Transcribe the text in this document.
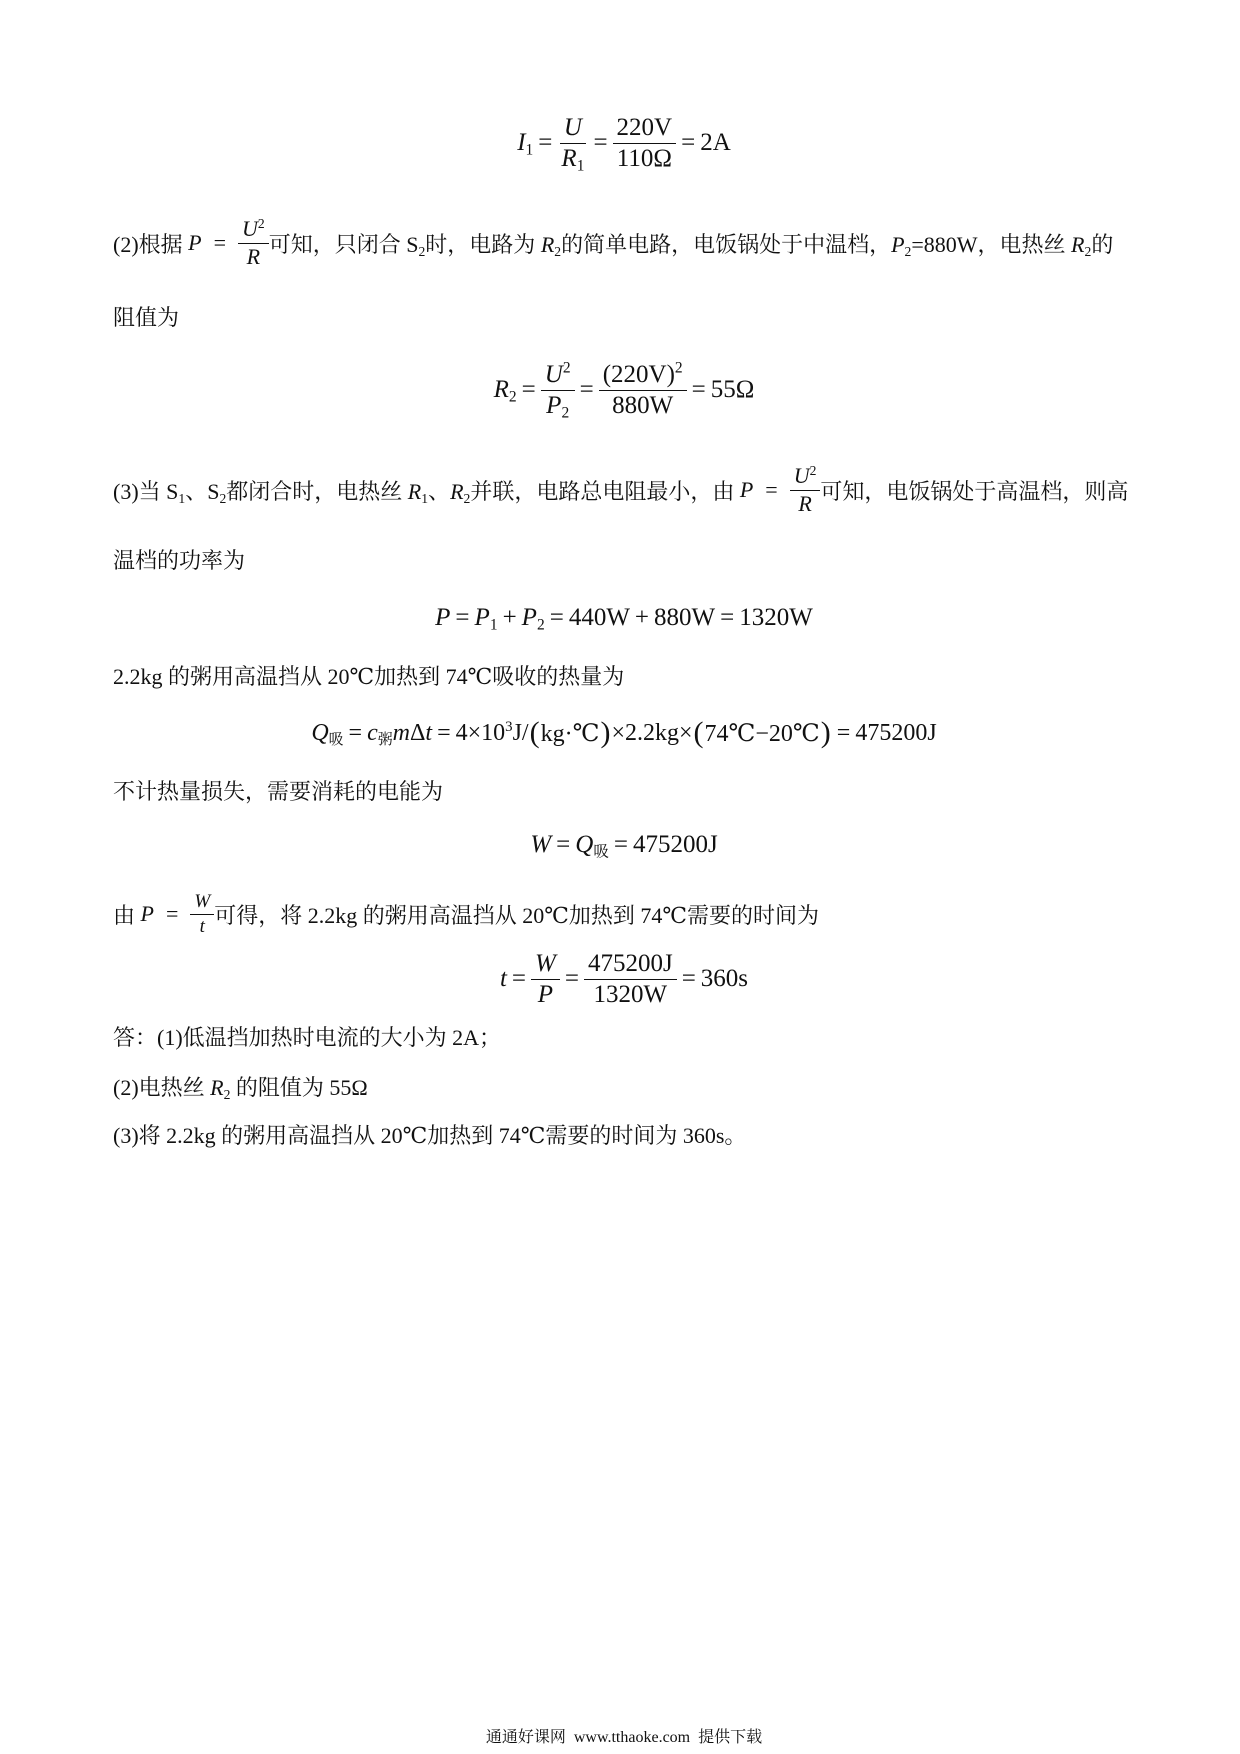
$I_1 = \frac{U}{R_1} = \frac{220V}{110\Omega} = 2A$
(2)根据 $P = \frac{U^2}{R}$ 可知，只闭合 $S_2$时，电路为 $R_2$的简单电路，电饭锅处于中温档，$P_2=880W$，电热丝 $R_2$的
阻值为
$R_2 = \frac{U^2}{P_2} = \frac{(220V)^2}{880W} = 55\Omega$
(3)当 $S_1$、$S_2$都闭合时，电热丝 $R_1$、$R_2$并联，电路总电阻最小，由 $P = \frac{U^2}{R}$ 可知，电饭锅处于高温档，则高
温档的功率为
$P = P_1 + P_2 = 440W + 880W = 1320W$
2.2kg 的粥用高温挡从 20℃加热到 74℃吸收的热量为
$Q_吸 = c_粥m\Delta t = 4\times 10^3J/$ ( kg·℃ ) × 2.2kg × ( 74℃−20℃ ) = 475200J
不计热量损失，需要消耗的电能为
$W = Q_吸 = 475200J$
由 $P = \frac{W}{t}$ 可得，将 2.2kg 的粥用高温挡从 20℃加热到 74℃需要的时间为
$t = \frac{W}{P} = \frac{475200J}{1320W} = 360s$
答：(1)低温挡加热时电流的大小为 2A；
(2)电热丝 $R_2$ 的阻值为 55Ω
(3)将 2.2kg 的粥用高温挡从 20℃加热到 74℃需要的时间为 360s。
通通好课网  www.tthaoke.com  提供下载
